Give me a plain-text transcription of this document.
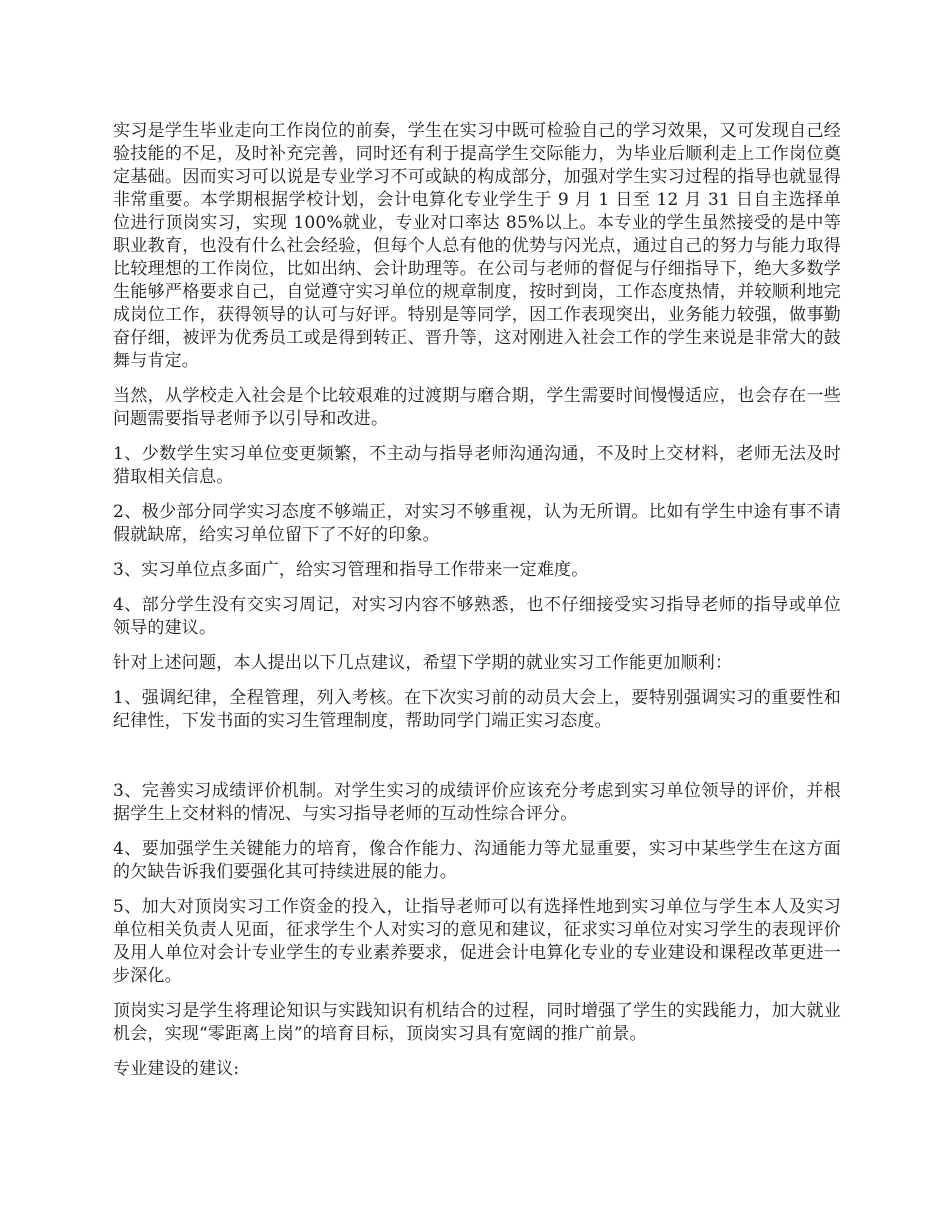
实习是学生毕业走向工作岗位的前奏，学生在实习中既可检验自己的学习效果，又可发现自己经验技能的不足，及时补充完善，同时还有利于提高学生交际能力，为毕业后顺利走上工作岗位奠定基础。因而实习可以说是专业学习不可或缺的构成部分，加强对学生实习过程的指导也就显得非常重要。本学期根据学校计划，会计电算化专业学生于 9 月 1 日至 12 月 31 日自主选择单位进行顶岗实习，实现 100%就业，专业对口率达 85%以上。本专业的学生虽然接受的是中等职业教育，也没有什么社会经验，但每个人总有他的优势与闪光点，通过自己的努力与能力取得比较理想的工作岗位，比如出纳、会计助理等。在公司与老师的督促与仔细指导下，绝大多数学生能够严格要求自己，自觉遵守实习单位的规章制度，按时到岗，工作态度热情，并较顺利地完成岗位工作，获得领导的认可与好评。特别是等同学，因工作表现突出，业务能力较强，做事勤奋仔细，被评为优秀员工或是得到转正、晋升等，这对刚进入社会工作的学生来说是非常大的鼓舞与肯定。

当然，从学校走入社会是个比较艰难的过渡期与磨合期，学生需要时间慢慢适应，也会存在一些问题需要指导老师予以引导和改进。

1、少数学生实习单位变更频繁，不主动与指导老师沟通沟通，不及时上交材料，老师无法及时猎取相关信息。

2、极少部分同学实习态度不够端正，对实习不够重视，认为无所谓。比如有学生中途有事不请假就缺席，给实习单位留下了不好的印象。

3、实习单位点多面广，给实习管理和指导工作带来一定难度。

4、部分学生没有交实习周记，对实习内容不够熟悉，也不仔细接受实习指导老师的指导或单位领导的建议。

针对上述问题，本人提出以下几点建议，希望下学期的就业实习工作能更加顺利：

1、强调纪律，全程管理，列入考核。在下次实习前的动员大会上，要特别强调实习的重要性和纪律性，下发书面的实习生管理制度，帮助同学门端正实习态度。

3、完善实习成绩评价机制。对学生实习的成绩评价应该充分考虑到实习单位领导的评价，并根据学生上交材料的情况、与实习指导老师的互动性综合评分。

4、要加强学生关键能力的培育，像合作能力、沟通能力等尤显重要，实习中某些学生在这方面的欠缺告诉我们要强化其可持续进展的能力。

5、加大对顶岗实习工作资金的投入，让指导老师可以有选择性地到实习单位与学生本人及实习单位相关负责人见面，征求学生个人对实习的意见和建议，征求实习单位对实习学生的表现评价及用人单位对会计专业学生的专业素养要求，促进会计电算化专业的专业建设和课程改革更进一步深化。

顶岗实习是学生将理论知识与实践知识有机结合的过程，同时增强了学生的实践能力，加大就业机会，实现“零距离上岗”的培育目标，顶岗实习具有宽阔的推广前景。

专业建设的建议:
